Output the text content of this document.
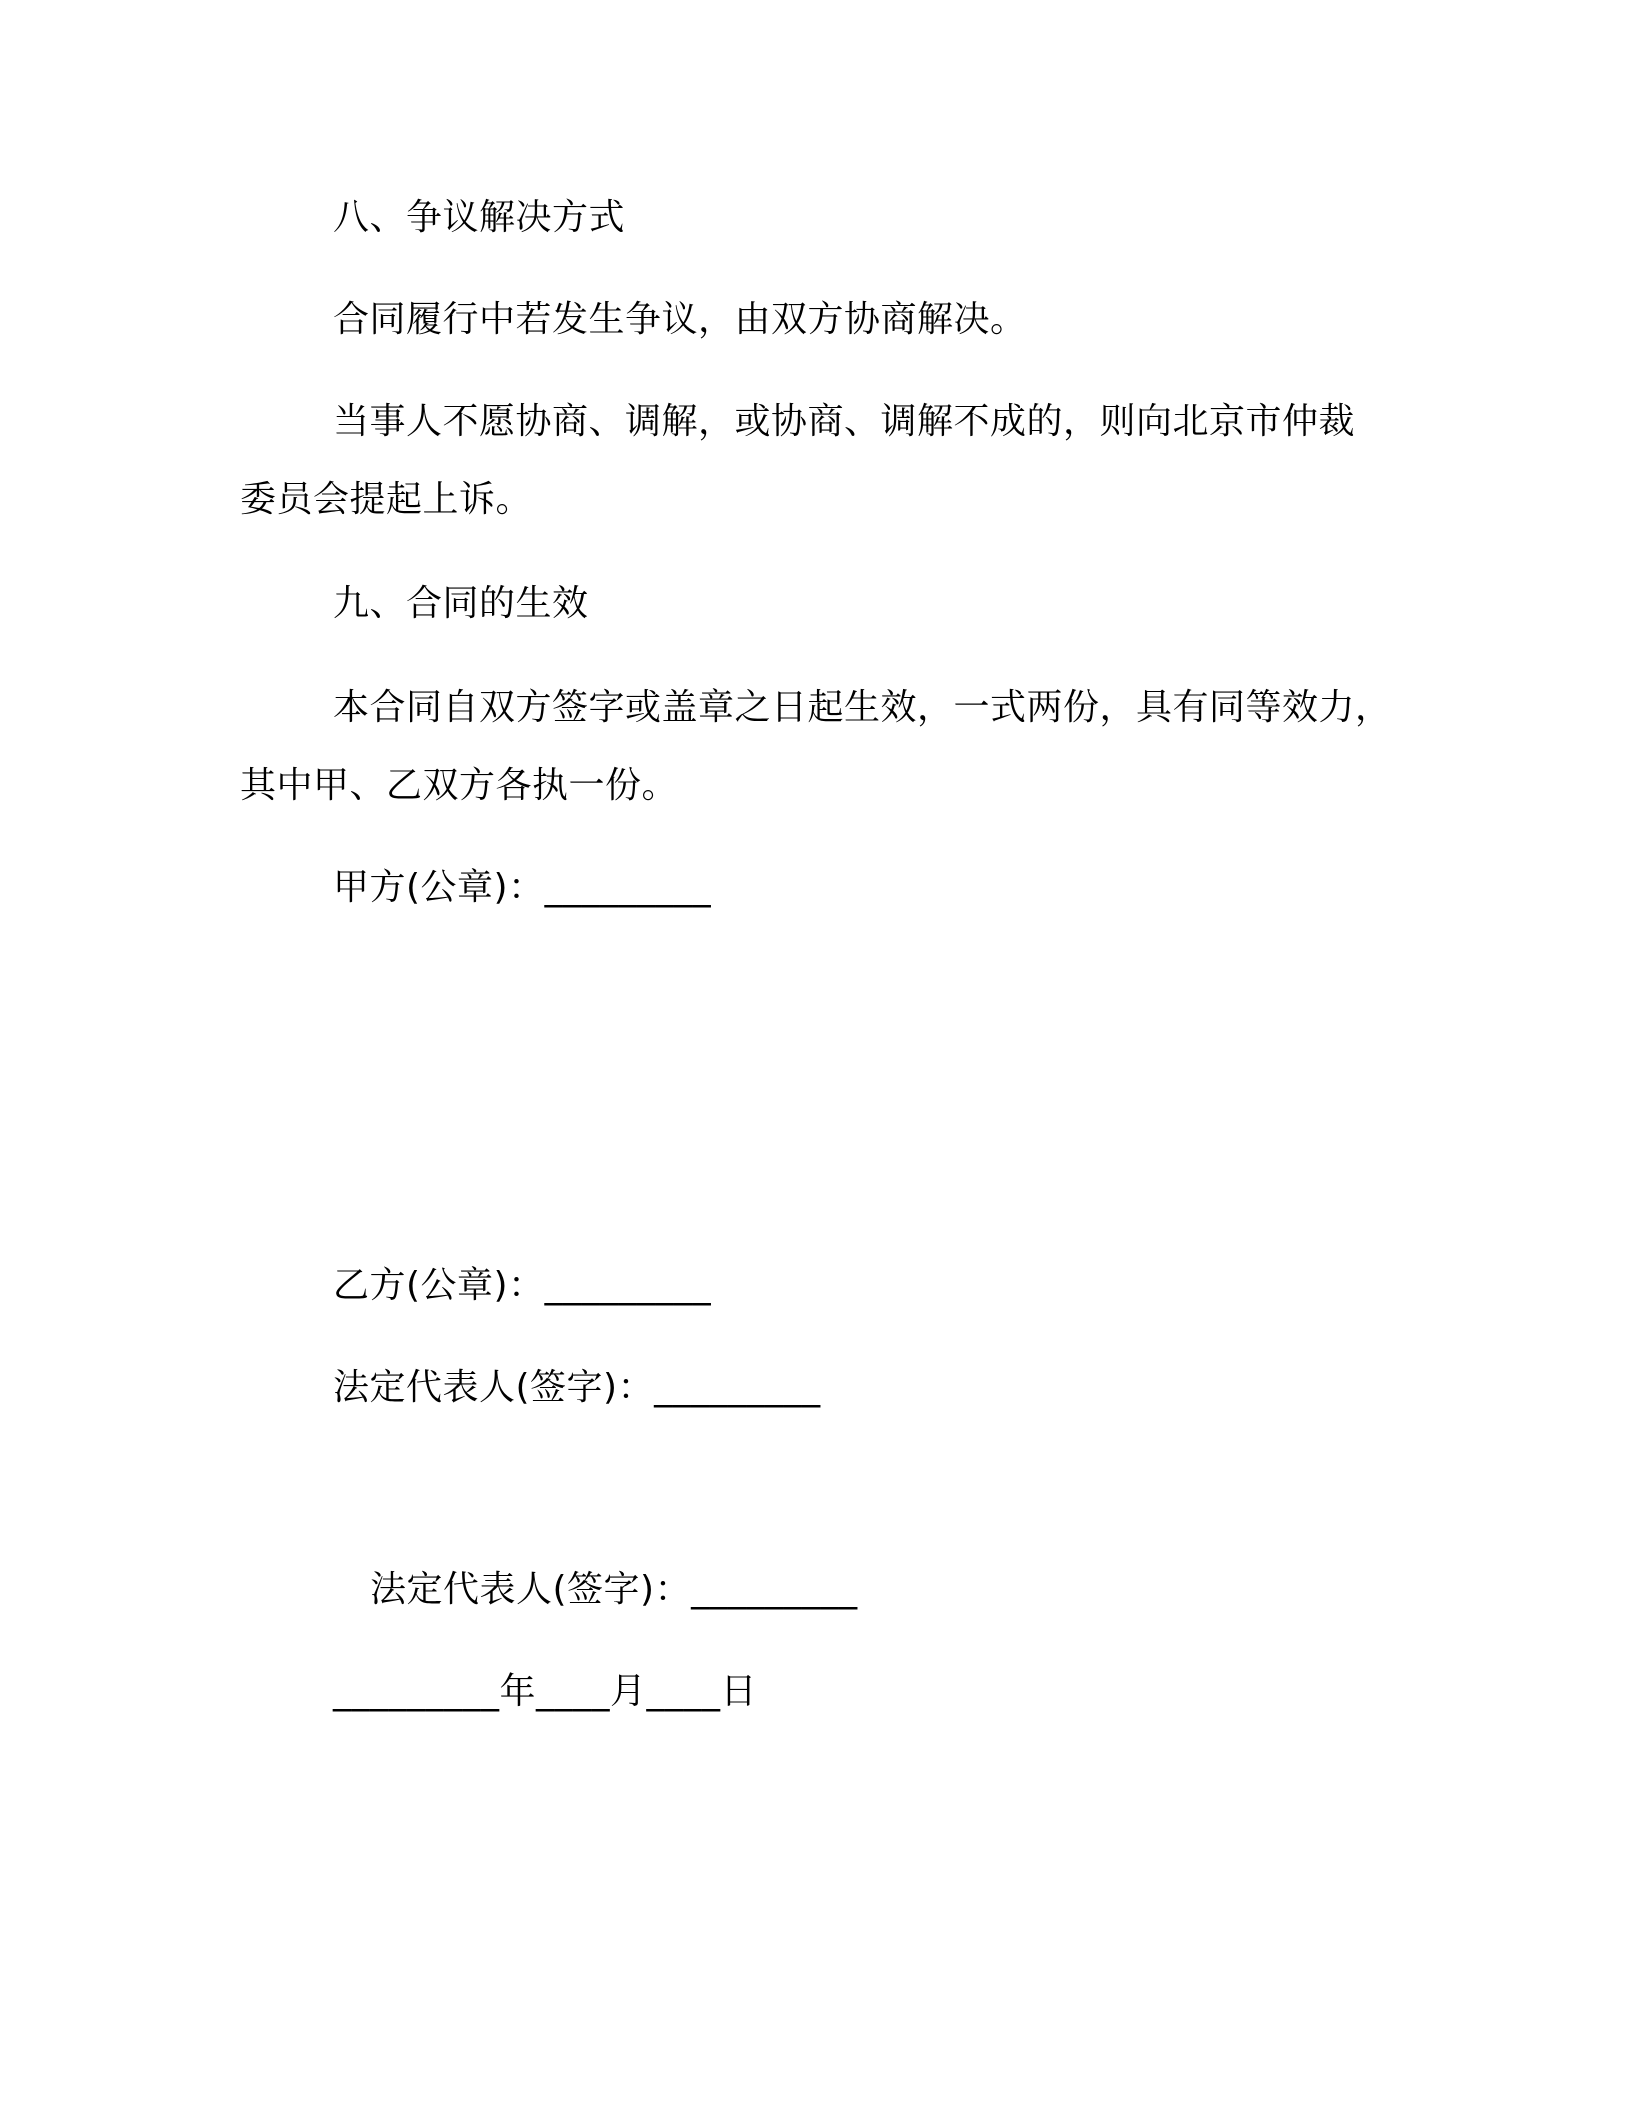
八、争议解决方式
合同履行中若发生争议，由双方协商解决。
当事人不愿协商、调解，或协商、调解不成的，则向北京市仲裁
委员会提起上诉。
九、合同的生效
本合同自双方签字或盖章之日起生效，一式两份，具有同等效力，
其中甲、乙双方各执一份。
甲方(公章)：_________
乙方(公章)：_________
法定代表人(签字)：_________
法定代表人(签字)：_________
_________年____月____日
